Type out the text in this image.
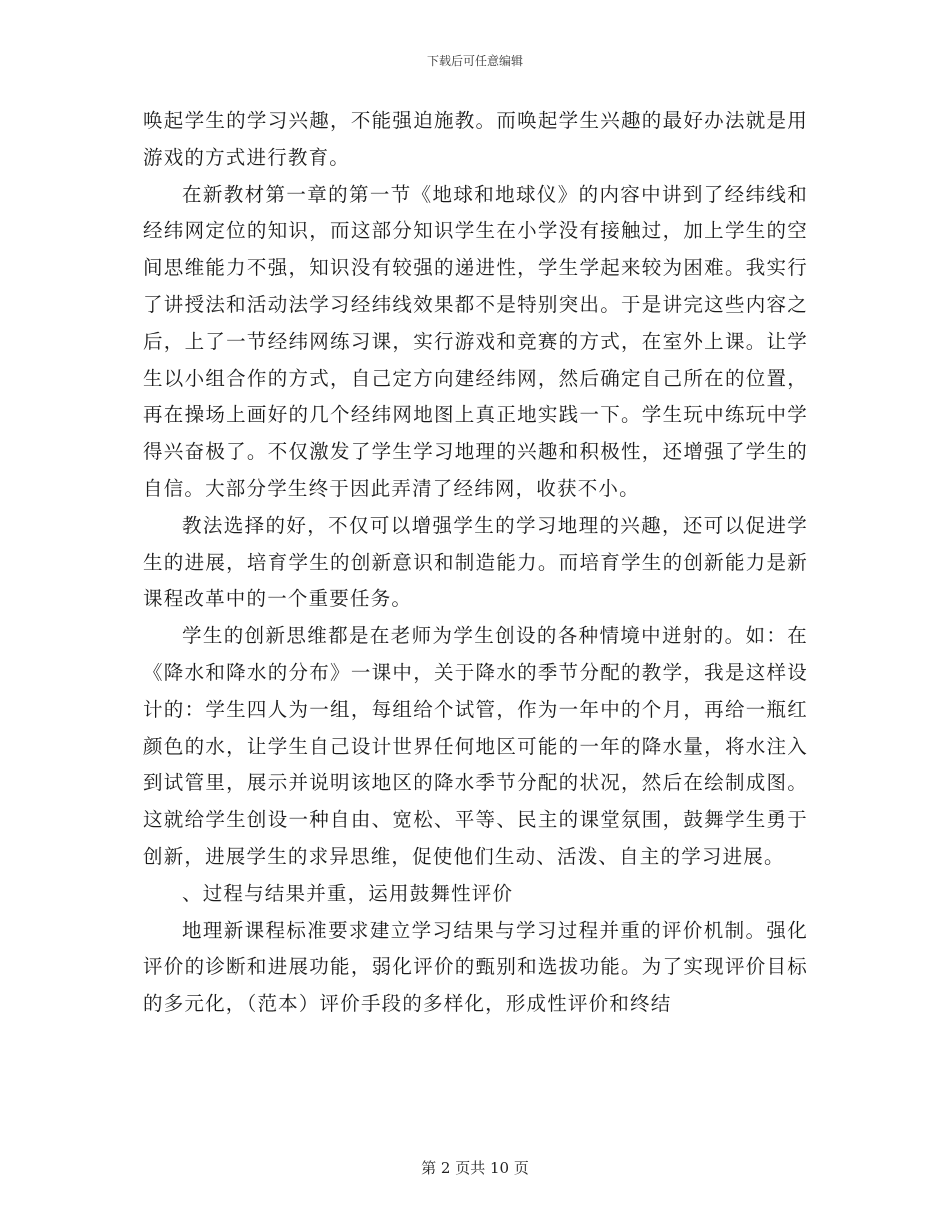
下载后可任意编辑

唤起学生的学习兴趣，不能强迫施教。而唤起学生兴趣的最好办法就是用游戏的方式进行教育。

在新教材第一章的第一节《地球和地球仪》的内容中讲到了经纬线和经纬网定位的知识，而这部分知识学生在小学没有接触过，加上学生的空间思维能力不强，知识没有较强的递进性，学生学起来较为困难。我实行了讲授法和活动法学习经纬线效果都不是特别突出。于是讲完这些内容之后，上了一节经纬网练习课，实行游戏和竞赛的方式，在室外上课。让学生以小组合作的方式，自己定方向建经纬网，然后确定自己所在的位置，再在操场上画好的几个经纬网地图上真正地实践一下。学生玩中练玩中学得兴奋极了。不仅激发了学生学习地理的兴趣和积极性，还增强了学生的自信。大部分学生终于因此弄清了经纬网，收获不小。

教法选择的好，不仅可以增强学生的学习地理的兴趣，还可以促进学生的进展，培育学生的创新意识和制造能力。而培育学生的创新能力是新课程改革中的一个重要任务。

学生的创新思维都是在老师为学生创设的各种情境中迸射的。如：在《降水和降水的分布》一课中，关于降水的季节分配的教学，我是这样设计的：学生四人为一组，每组给个试管，作为一年中的个月，再给一瓶红颜色的水，让学生自己设计世界任何地区可能的一年的降水量，将水注入到试管里，展示并说明该地区的降水季节分配的状况，然后在绘制成图。这就给学生创设一种自由、宽松、平等、民主的课堂氛围，鼓舞学生勇于创新，进展学生的求异思维，促使他们生动、活泼、自主的学习进展。

、过程与结果并重，运用鼓舞性评价

地理新课程标准要求建立学习结果与学习过程并重的评价机制。强化评价的诊断和进展功能，弱化评价的甄别和选拔功能。为了实现评价目标的多元化，（范本）评价手段的多样化，形成性评价和终结

第 2 页共 10 页
